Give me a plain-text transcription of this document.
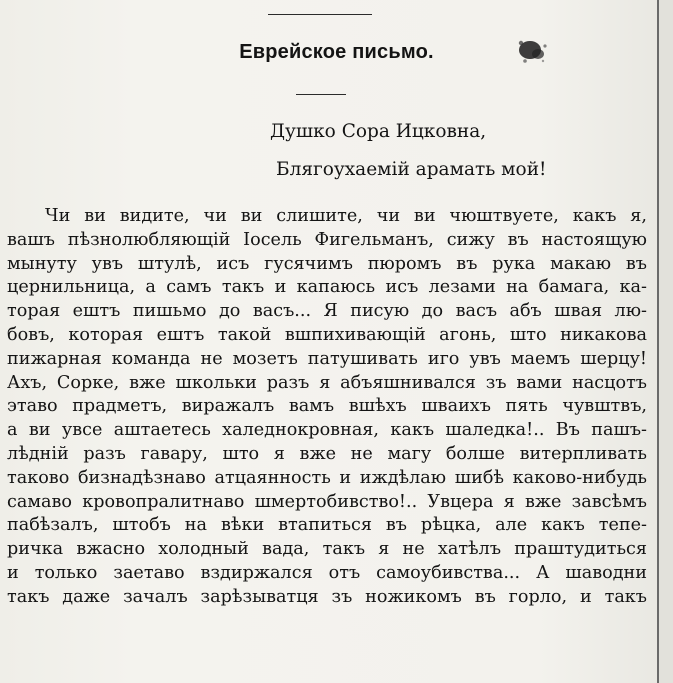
Еврейское письмо.
Душко Сора Ицковна,
Блягоухаемій арамать мой!
Чи ви видите, чи ви слишите, чи ви чюштвуете, какъ я,
вашъ пѣзнолюбляющій Іосель Фигельманъ, сижу въ настоящую
мынуту увъ штулѣ, исъ гусячимъ пюромъ въ рука макаю въ
цернильница, а самъ такъ и капаюсь исъ лезами на бамага, ка-
торая ештъ пишьмо до васъ... Я писую до васъ абъ швая лю-
бовъ, которая ештъ такой вшпихивающій агонь, што никакова
пижарная команда не мозетъ патушивать иго увъ маемъ шерцу!
Ахъ, Сорке, вже школьки разъ я абъяшнивался зъ вами насцотъ
этаво прадметъ, виражалъ вамъ вшѣхъ шваихъ пять чувштвъ,
а ви увсе аштаетесь халеднокровная, какъ шаледка!.. Въ пашъ-
лѣдній разъ гавару, што я вже не магу болше витерпливать
таково бизнадѣзнаво атцаянность и иждѣлаю шибѣ каково-нибудь
самаво кровопралитнаво шмертобивство!.. Увцера я вже завсѣмъ
пабѣзалъ, штобъ на вѣки втапиться въ рѣцка, але какъ тепе-
ричка вжасно холодный вада, такъ я не хатѣлъ праштудиться
и только заетаво вздиржался отъ самоубивства... А шаводни
такъ даже зачалъ зарѣзыватця зъ ножикомъ въ горло, и такъ
